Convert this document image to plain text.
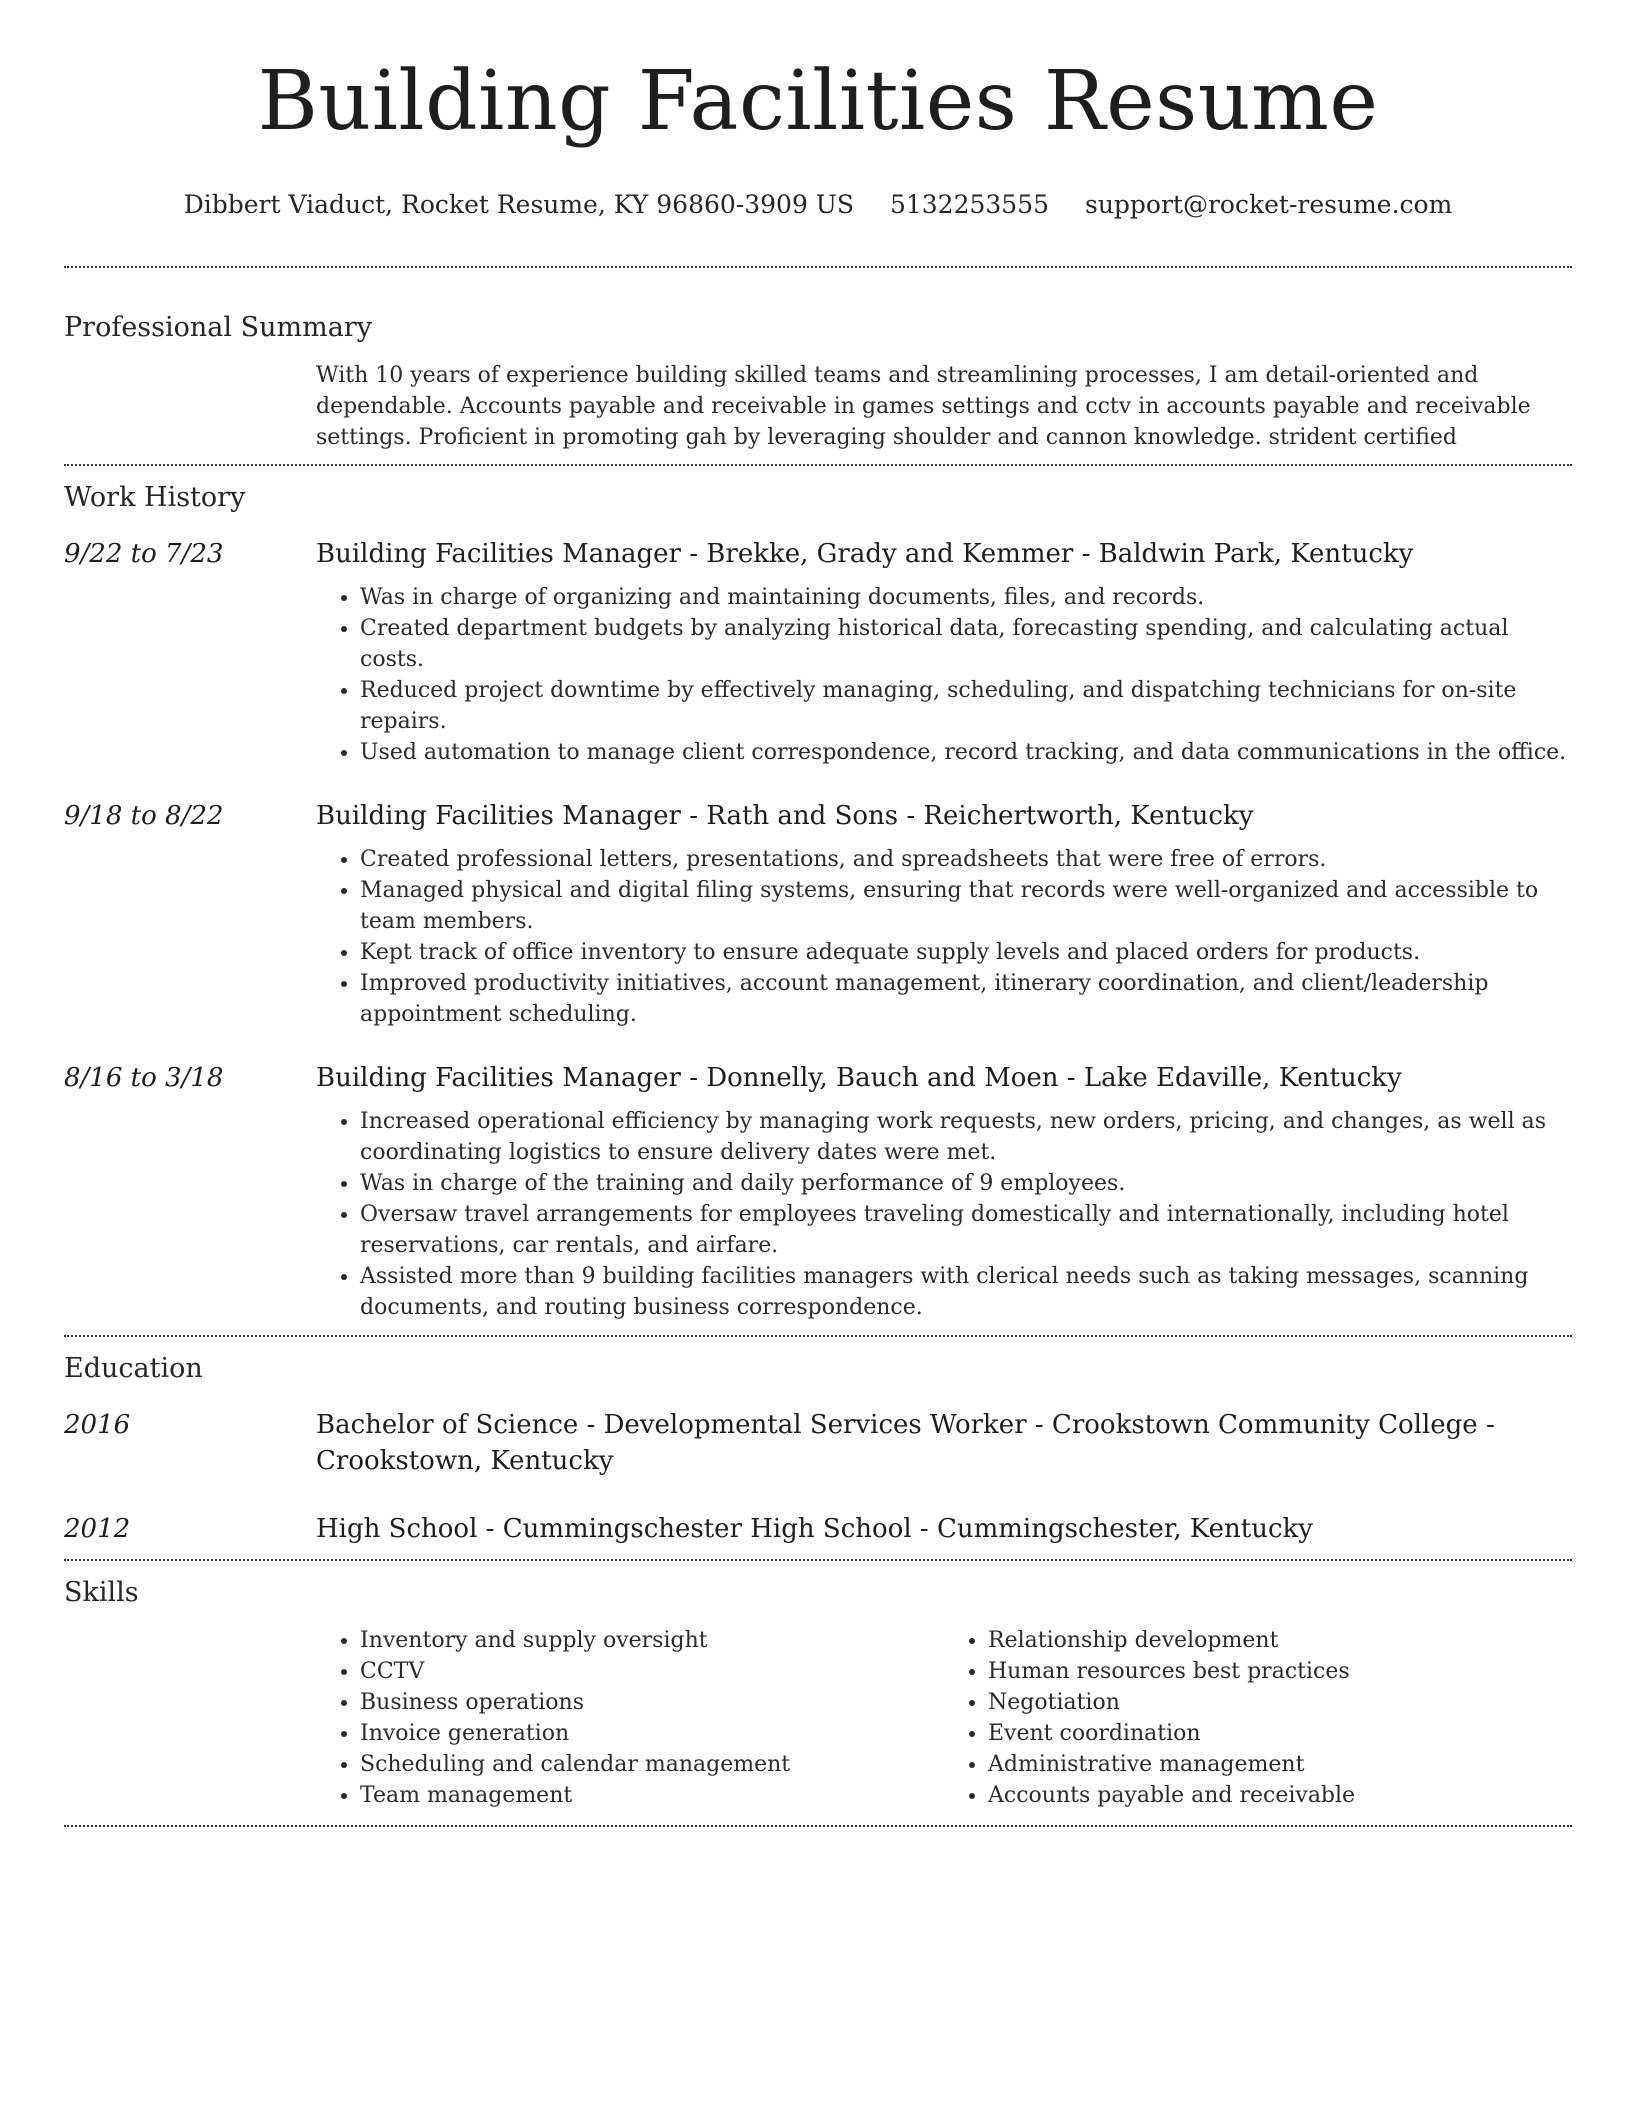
Building Facilities Resume
Dibbert Viaduct, Rocket Resume, KY 96860-3909 US 5132253555 support@rocket-resume.com
Professional Summary
With 10 years of experience building skilled teams and streamlining processes, I am detail-oriented and dependable. Accounts payable and receivable in games settings and cctv in accounts payable and receivable settings. Proficient in promoting gah by leveraging shoulder and cannon knowledge. strident certified
Work History
9/22 to 7/23	Building Facilities Manager - Brekke, Grady and Kemmer - Baldwin Park, Kentucky
• Was in charge of organizing and maintaining documents, files, and records.
• Created department budgets by analyzing historical data, forecasting spending, and calculating actual costs.
• Reduced project downtime by effectively managing, scheduling, and dispatching technicians for on-site repairs.
• Used automation to manage client correspondence, record tracking, and data communications in the office.
9/18 to 8/22	Building Facilities Manager - Rath and Sons - Reichertworth, Kentucky
• Created professional letters, presentations, and spreadsheets that were free of errors.
• Managed physical and digital filing systems, ensuring that records were well-organized and accessible to team members.
• Kept track of office inventory to ensure adequate supply levels and placed orders for products.
• Improved productivity initiatives, account management, itinerary coordination, and client/leadership appointment scheduling.
8/16 to 3/18	Building Facilities Manager - Donnelly, Bauch and Moen - Lake Edaville, Kentucky
• Increased operational efficiency by managing work requests, new orders, pricing, and changes, as well as coordinating logistics to ensure delivery dates were met.
• Was in charge of the training and daily performance of 9 employees.
• Oversaw travel arrangements for employees traveling domestically and internationally, including hotel reservations, car rentals, and airfare.
• Assisted more than 9 building facilities managers with clerical needs such as taking messages, scanning documents, and routing business correspondence.
Education
2016	Bachelor of Science - Developmental Services Worker - Crookstown Community College - Crookstown, Kentucky
2012	High School - Cummingschester High School - Cummingschester, Kentucky
Skills
• Inventory and supply oversight
• CCTV
• Business operations
• Invoice generation
• Scheduling and calendar management
• Team management
• Relationship development
• Human resources best practices
• Negotiation
• Event coordination
• Administrative management
• Accounts payable and receivable
